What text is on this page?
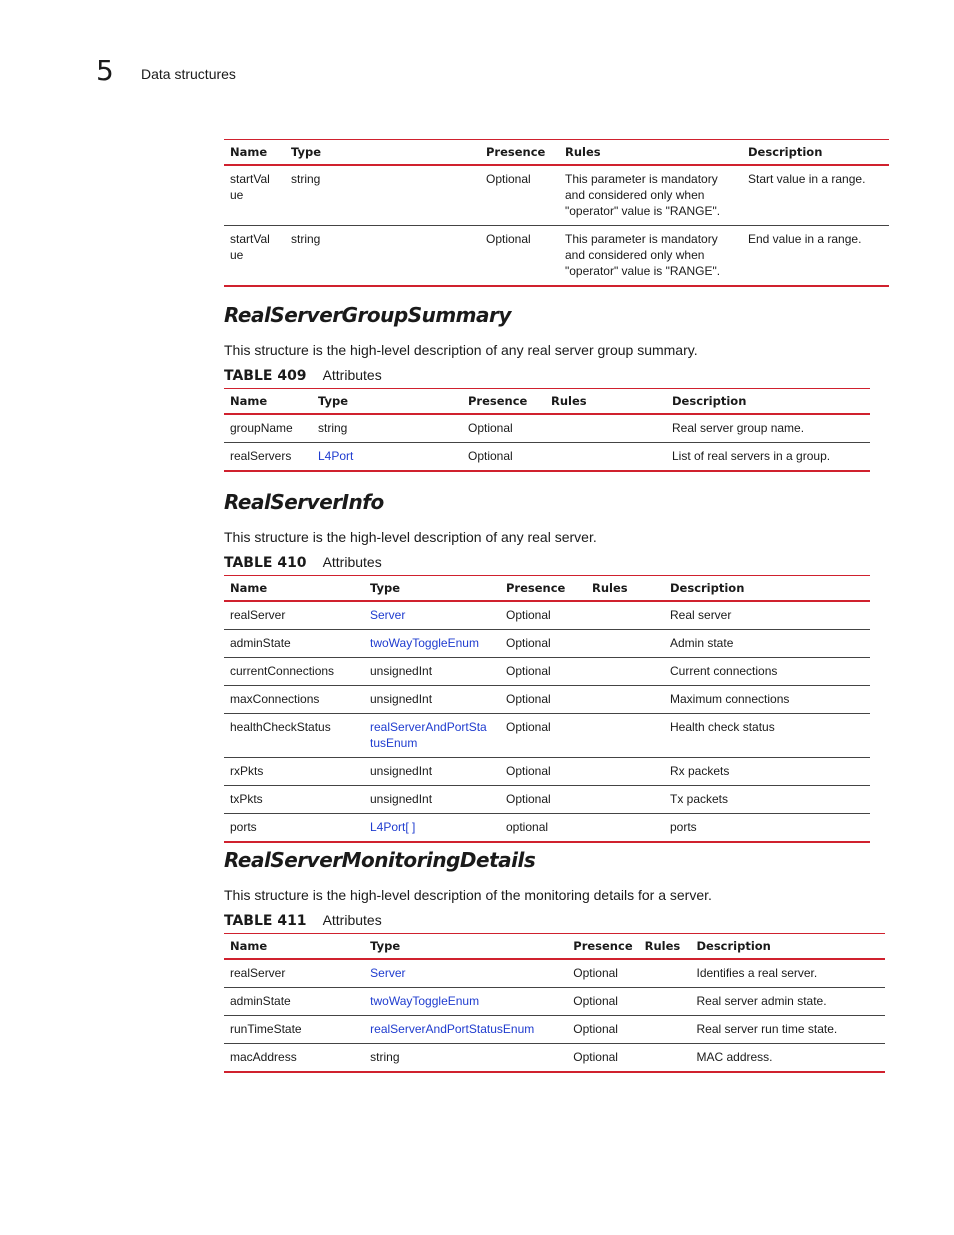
5 Data structures
Name	Type	Presence	Rules	Description
startVal
ue	string	Optional	This parameter is mandatory and considered only when "operator" value is "RANGE".	Start value in a range.
startVal
ue	string	Optional	This parameter is mandatory and considered only when "operator" value is "RANGE".	End value in a range.
RealServerGroupSummary

This structure is the high-level description of any real server group summary.

TABLE 409 Attributes
Name	Type	Presence	Rules	Description
groupName	string	Optional		Real server group name.
realServers	L4Port	Optional		List of real servers in a group.
RealServerInfo

This structure is the high-level description of any real server.

TABLE 410 Attributes
Name	Type	Presence	Rules	Description
realServer	Server	Optional		Real server
adminState	twoWayToggleEnum	Optional		Admin state
currentConnections	unsignedInt	Optional		Current connections
maxConnections	unsignedInt	Optional		Maximum connections
healthCheckStatus	realServerAndPortSta
tusEnum	Optional		Health check status
rxPkts	unsignedInt	Optional		Rx packets
txPkts	unsignedInt	Optional		Tx packets
ports	L4Port[ ]	optional		ports
RealServerMonitoringDetails

This structure is the high-level description of the monitoring details for a server.

TABLE 411 Attributes
Name	Type	Presence	Rules	Description
realServer	Server	Optional		Identifies a real server.
adminState	twoWayToggleEnum	Optional		Real server admin state.
runTimeState	realServerAndPortStatusEnum	Optional		Real server run time state.
macAddress	string	Optional		MAC address.
